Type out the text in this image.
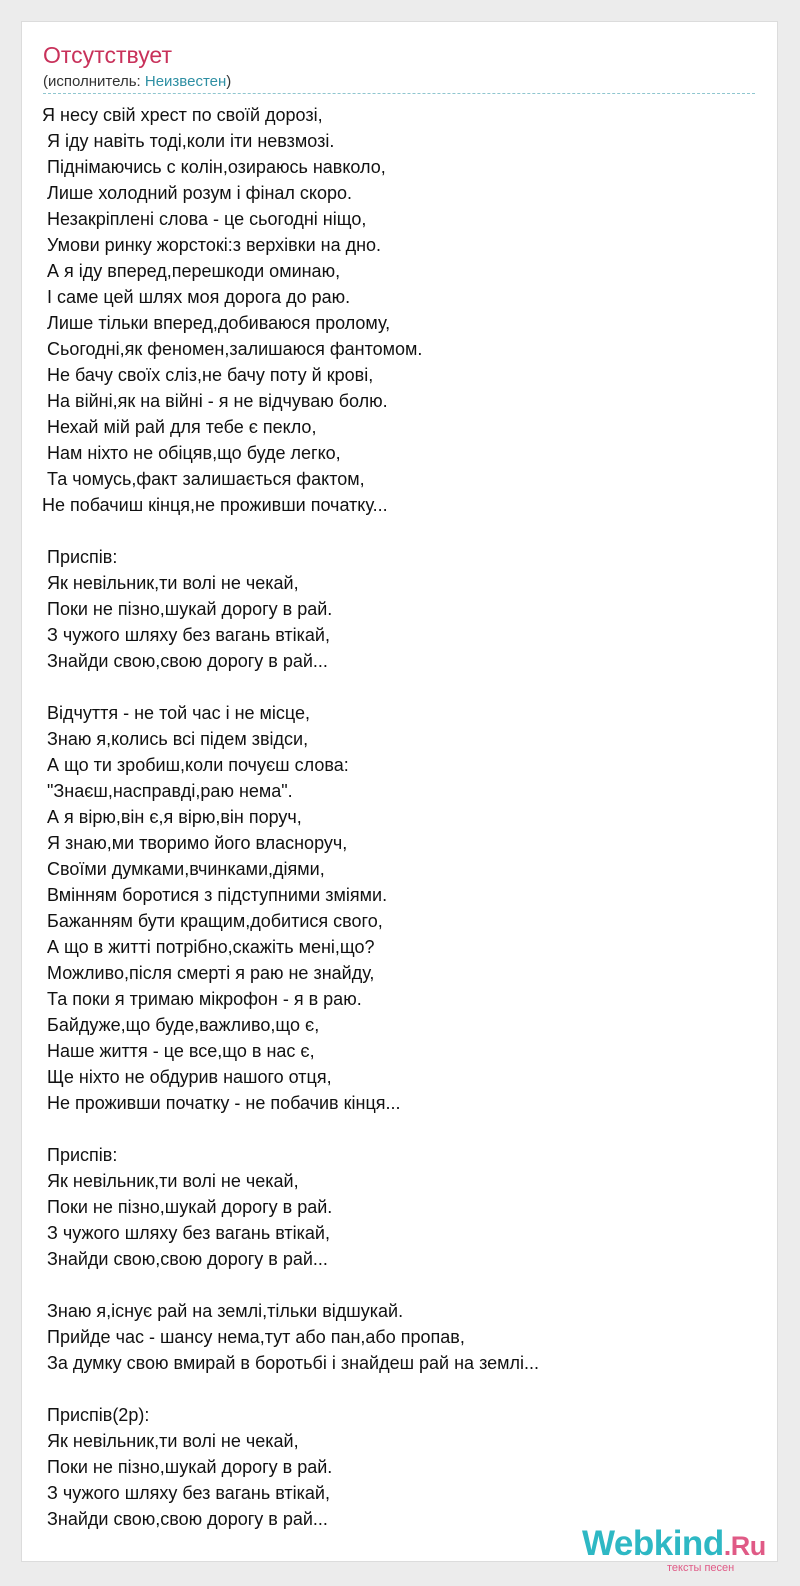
Отсутствует
(исполнитель: Неизвестен)
Я несу свій хрест по своїй дорозі,
Я іду навіть тоді,коли іти невзмозі.
Піднімаючись с колін,озираюсь навколо,
Лише холодний розум і фінал скоро.
Незакріплені слова - це сьогодні ніщо,
Умови ринку жорстокі:з верхівки на дно.
А я іду вперед,перешкоди оминаю,
І саме цей шлях моя дорога до раю.
Лише тільки вперед,добиваюся пролому,
Сьогодні,як феномен,залишаюся фантомом.
Не бачу своїх сліз,не бачу поту й крові,
На війні,як на війні - я не відчуваю болю.
Нехай мій рай для тебе є пекло,
Нам ніхто не обіцяв,що буде легко,
Та чомусь,факт залишається фактом,
Не побачиш кінця,не проживши початку...

Приспів:
Як невільник,ти волі не чекай,
Поки не пізно,шукай дорогу в рай.
З чужого шляху без вагань втікай,
Знайди свою,свою дорогу в рай...

Відчуття - не той час і не місце,
Знаю я,колись всі підем звідси,
А що ти зробиш,коли почуєш слова:
"Знаєш,насправді,раю нема".
А я вірю,він є,я вірю,він поруч,
Я знаю,ми творимо його власноруч,
Своїми думками,вчинками,діями,
Вмінням боротися з підступними зміями.
Бажанням бути кращим,добитися свого,
А що в житті потрібно,скажіть мені,що?
Можливо,після смерті я раю не знайду,
Та поки я тримаю мікрофон - я в раю.
Байдуже,що буде,важливо,що є,
Наше життя - це все,що в нас є,
Ще ніхто не обдурив нашого отця,
Не проживши початку - не побачив кінця...

Приспів:
Як невільник,ти волі не чекай,
Поки не пізно,шукай дорогу в рай.
З чужого шляху без вагань втікай,
Знайди свою,свою дорогу в рай...

Знаю я,існує рай на землі,тільки відшукай.
Прийде час - шансу нема,тут або пан,або пропав,
За думку свою вмирай в боротьбі і знайдеш рай на землі...

Приспів(2р):
Як невільник,ти волі не чекай,
Поки не пізно,шукай дорогу в рай.
З чужого шляху без вагань втікай,
Знайди свою,свою дорогу в рай...
Webkind.Ru
тексты песен
